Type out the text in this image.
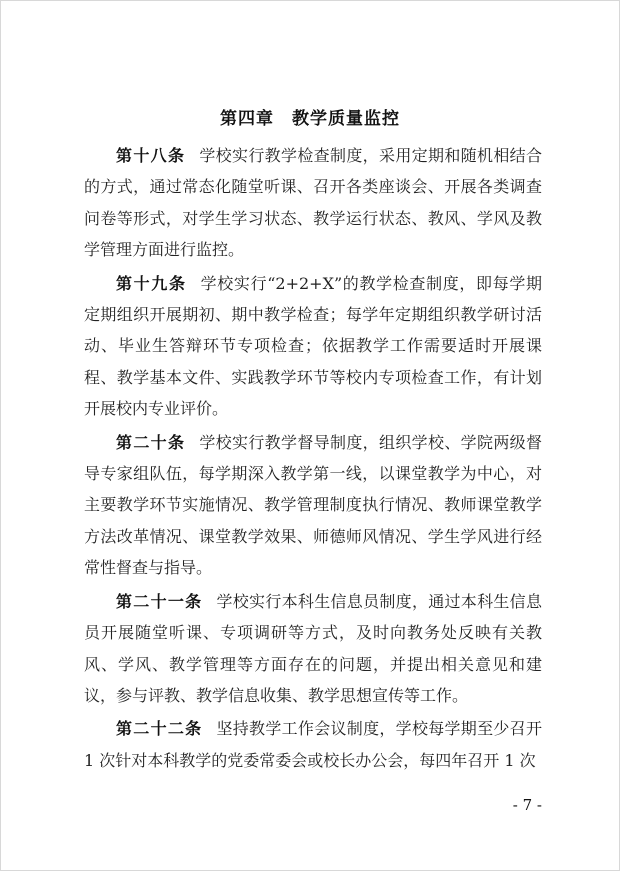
第四章　教学质量监控

第十八条 学校实行教学检查制度，采用定期和随机相结合的方式，通过常态化随堂听课、召开各类座谈会、开展各类调查问卷等形式，对学生学习状态、教学运行状态、教风、学风及教学管理方面进行监控。

第十九条 学校实行“2+2+X”的教学检查制度，即每学期定期组织开展期初、期中教学检查；每学年定期组织教学研讨活动、毕业生答辩环节专项检查；依据教学工作需要适时开展课程、教学基本文件、实践教学环节等校内专项检查工作，有计划开展校内专业评价。

第二十条 学校实行教学督导制度，组织学校、学院两级督导专家组队伍，每学期深入教学第一线，以课堂教学为中心，对主要教学环节实施情况、教学管理制度执行情况、教师课堂教学方法改革情况、课堂教学效果、师德师风情况、学生学风进行经常性督查与指导。

第二十一条 学校实行本科生信息员制度，通过本科生信息员开展随堂听课、专项调研等方式，及时向教务处反映有关教风、学风、教学管理等方面存在的问题，并提出相关意见和建议，参与评教、教学信息收集、教学思想宣传等工作。

第二十二条 坚持教学工作会议制度，学校每学期至少召开 1 次针对本科教学的党委常委会或校长办公会，每四年召开 1 次

- 7 -
